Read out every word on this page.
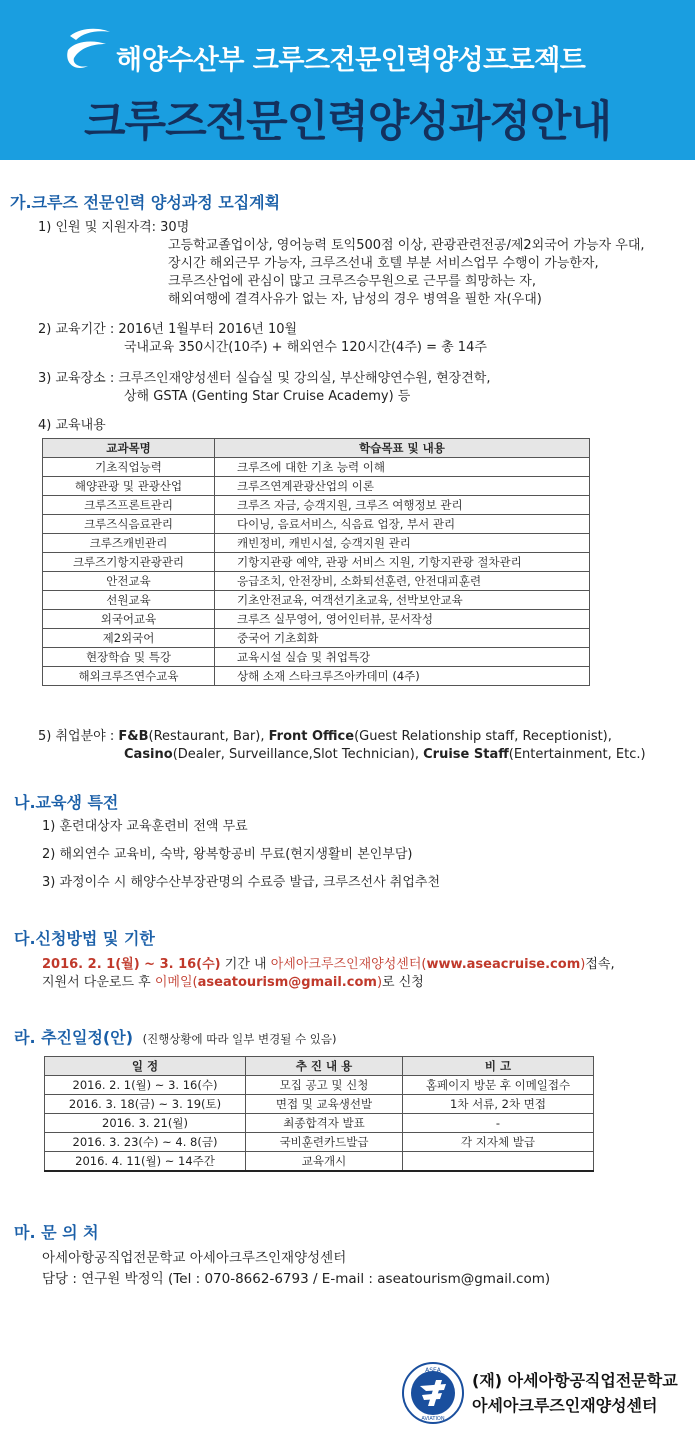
해양수산부 크루즈전문인력양성프로젝트
크루즈전문인력양성과정안내
가.크루즈 전문인력 양성과정 모집계획
1) 인원 및 지원자격: 30명
고등학교졸업이상, 영어능력 토익500점 이상, 관광관련전공/제2외국어 가능자 우대,
장시간 해외근무 가능자, 크루즈선내 호텔 부분 서비스업무 수행이 가능한자,
크루즈산업에 관심이 많고 크루즈승무원으로 근무를 희망하는 자,
해외여행에 결격사유가 없는 자, 남성의 경우 병역을 필한 자(우대)
2) 교육기간 : 2016년 1월부터 2016년 10월
국내교육 350시간(10주) + 해외연수 120시간(4주) = 총 14주
3) 교육장소 : 크루즈인재양성센터 실습실 및 강의실, 부산해양연수원, 현장견학,
상해 GSTA (Genting Star Cruise Academy) 등
4) 교육내용
교과목명	학습목표 및 내용
기초직업능력	크루즈에 대한 기초 능력 이해
해양관광 및 관광산업	크루즈연계관광산업의 이론
크루즈프론트관리	크루즈 자금, 승객지원, 크루즈 여행정보 관리
크루즈식음료관리	다이닝, 음료서비스, 식음료 업장, 부서 관리
크루즈캐빈관리	캐빈정비, 캐빈시설, 승객지원 관리
크루즈기항지관광관리	기항지관광 예약, 관광 서비스 지원, 기항지관광 절차관리
안전교육	응급조치, 안전장비, 소화퇴선훈련, 안전대피훈련
선원교육	기초안전교육, 여객선기초교육, 선박보안교육
외국어교육	크루즈 실무영어, 영어인터뷰, 문서작성
제2외국어	중국어 기초회화
현장학습 및 특강	교육시설 실습 및 취업특강
해외크루즈연수교육	상해 소재 스타크루즈아카데미 (4주)
5) 취업분야 : F&B(Restaurant, Bar), Front Office(Guest Relationship staff, Receptionist),
Casino(Dealer, Surveillance,Slot Technician), Cruise Staff(Entertainment, Etc.)
나.교육생 특전
1) 훈련대상자 교육훈련비 전액 무료
2) 해외연수 교육비, 숙박, 왕복항공비 무료(현지생활비 본인부담)
3) 과정이수 시 해양수산부장관명의 수료증 발급, 크루즈선사 취업추천
다.신청방법 및 기한
2016. 2. 1(월) ~ 3. 16(수) 기간 내 아세아크루즈인재양성센터(www.aseacruise.com)접속,
지원서 다운로드 후 이메일(aseatourism@gmail.com)로 신청
라. 추진일정(안) (진행상황에 따라 일부 변경될 수 있음)
일 정	추 진 내 용	비 고
2016. 2. 1(월) ~ 3. 16(수)	모집 공고 및 신청	홈페이지 방문 후 이메일접수
2016. 3. 18(금) ~ 3. 19(토)	면접 및 교육생선발	1차 서류, 2차 면접
2016. 3. 21(월)	최종합격자 발표	-
2016. 3. 23(수) ~ 4. 8(금)	국비훈련카드발급	각 지자체 발급
2016. 4. 11(월) ~ 14주간	교육개시	
마. 문 의 처
아세아항공직업전문학교 아세아크루즈인재양성센터
담당 : 연구원 박정익 (Tel : 070-8662-6793 / E-mail : aseatourism@gmail.com)
ASEA
AVIATION
(재) 아세아항공직업전문학교
아세아크루즈인재양성센터
